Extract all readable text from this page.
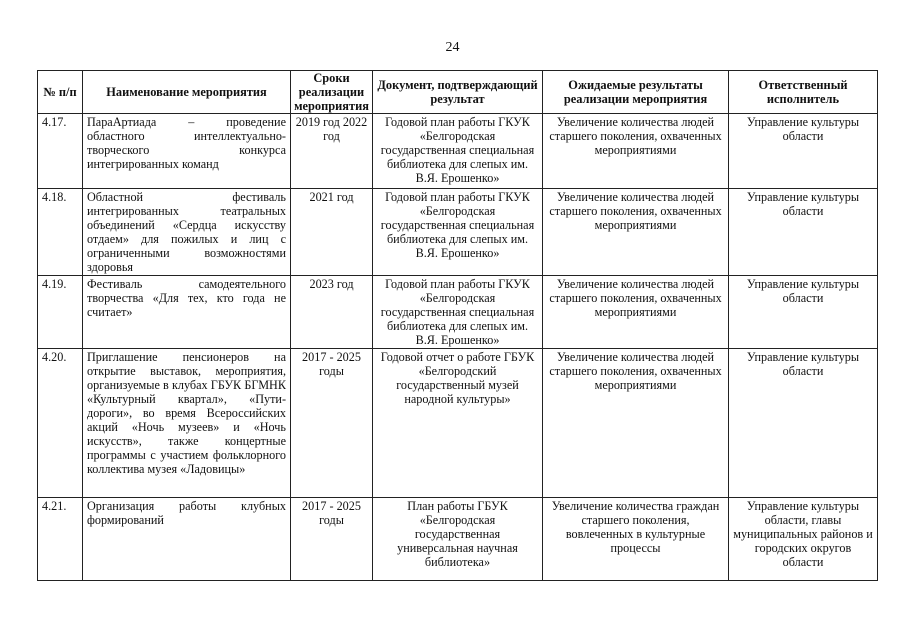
24
№ п/п	Наименование мероприятия	Сроки реализации мероприятия	Документ, подтверждающий результат	Ожидаемые результаты реализации мероприятия	Ответственный исполнитель
4.17.	ПараАртиада – проведение областного интеллектуально-творческого конкурса интегрированных команд	2019 год 2022 год	Годовой план работы ГКУК «Белгородская государственная специальная библиотека для слепых им. В.Я. Ерошенко»	Увеличение количества людей старшего поколения, охваченных мероприятиями	Управление культуры области
4.18.	Областной фестиваль интегрированных театральных объединений «Сердца искусству отдаем» для пожилых и лиц с ограниченными возможностями здоровья	2021 год	Годовой план работы ГКУК «Белгородская государственная специальная библиотека для слепых им. В.Я. Ерошенко»	Увеличение количества людей старшего поколения, охваченных мероприятиями	Управление культуры области
4.19.	Фестиваль самодеятельного творчества «Для тех, кто года не считает»	2023 год	Годовой план работы ГКУК «Белгородская государственная специальная библиотека для слепых им. В.Я. Ерошенко»	Увеличение количества людей старшего поколения, охваченных мероприятиями	Управление культуры области
4.20.	Приглашение пенсионеров на открытие выставок, мероприятия, организуемые в клубах ГБУК БГМНК «Культурный квартал», «Пути-дороги», во время Всероссийских акций «Ночь музеев» и «Ночь искусств», также концертные программы с участием фольклорного коллектива музея «Ладовицы»	2017 - 2025 годы	Годовой отчет о работе ГБУК «Белгородский государственный музей народной культуры»	Увеличение количества людей старшего поколения, охваченных мероприятиями	Управление культуры области
4.21.	Организация работы клубных формирований	2017 - 2025 годы	План работы ГБУК «Белгородская государственная универсальная научная библиотека»	Увеличение количества граждан старшего поколения, вовлеченных в культурные процессы	Управление культуры области, главы муниципальных районов и городских округов области
